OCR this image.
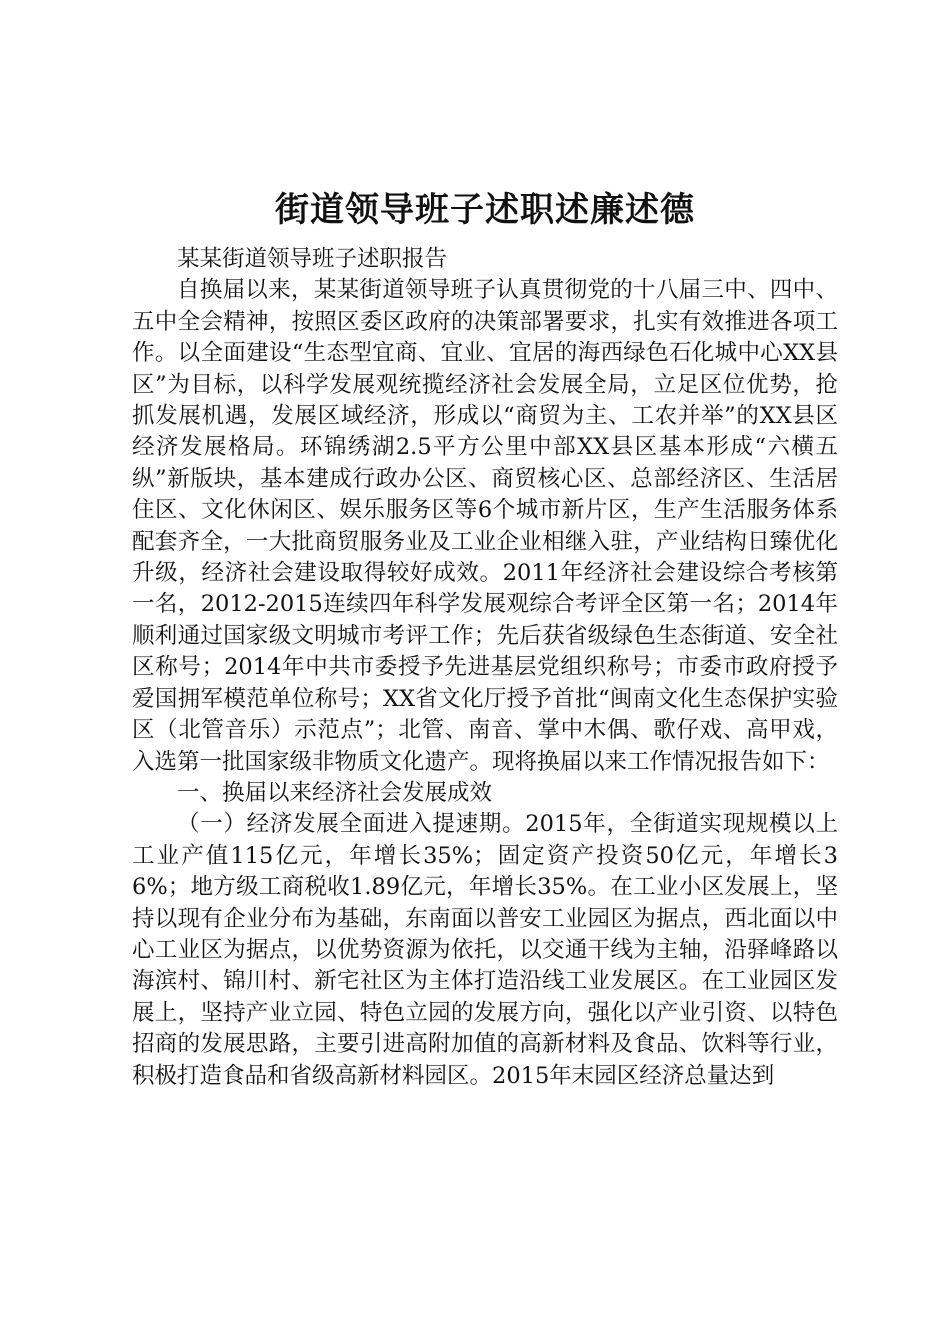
街道领导班子述职述廉述德

某某街道领导班子述职报告

自换届以来，某某街道领导班子认真贯彻党的十八届三中、四中、五中全会精神，按照区委区政府的决策部署要求，扎实有效推进各项工作。以全面建设“生态型宜商、宜业、宜居的海西绿色石化城中心XX县区”为目标，以科学发展观统揽经济社会发展全局，立足区位优势，抢抓发展机遇，发展区域经济，形成以“商贸为主、工农并举”的XX县区经济发展格局。环锦绣湖2.5平方公里中部XX县区基本形成“六横五纵”新版块，基本建成行政办公区、商贸核心区、总部经济区、生活居住区、文化休闲区、娱乐服务区等6个城市新片区，生产生活服务体系配套齐全，一大批商贸服务业及工业企业相继入驻，产业结构日臻优化升级，经济社会建设取得较好成效。2011年经济社会建设综合考核第一名，2012-2015连续四年科学发展观综合考评全区第一名；2014年顺利通过国家级文明城市考评工作；先后获省级绿色生态街道、安全社区称号；2014年中共市委授予先进基层党组织称号；市委市政府授予爱国拥军模范单位称号；XX省文化厅授予首批“闽南文化生态保护实验区（北管音乐）示范点”；北管、南音、掌中木偶、歌仔戏、高甲戏，入选第一批国家级非物质文化遗产。现将换届以来工作情况报告如下：

一、换届以来经济社会发展成效

（一）经济发展全面进入提速期。2015年，全街道实现规模以上工业产值115亿元，年增长35%；固定资产投资50亿元，年增长36%；地方级工商税收1.89亿元，年增长35%。在工业小区发展上，坚持以现有企业分布为基础，东南面以普安工业园区为据点，西北面以中心工业区为据点，以优势资源为依托，以交通干线为主轴，沿驿峰路以海滨村、锦川村、新宅社区为主体打造沿线工业发展区。在工业园区发展上，坚持产业立园、特色立园的发展方向，强化以产业引资、以特色招商的发展思路，主要引进高附加值的高新材料及食品、饮料等行业，积极打造食品和省级高新材料园区。2015年末园区经济总量达到
